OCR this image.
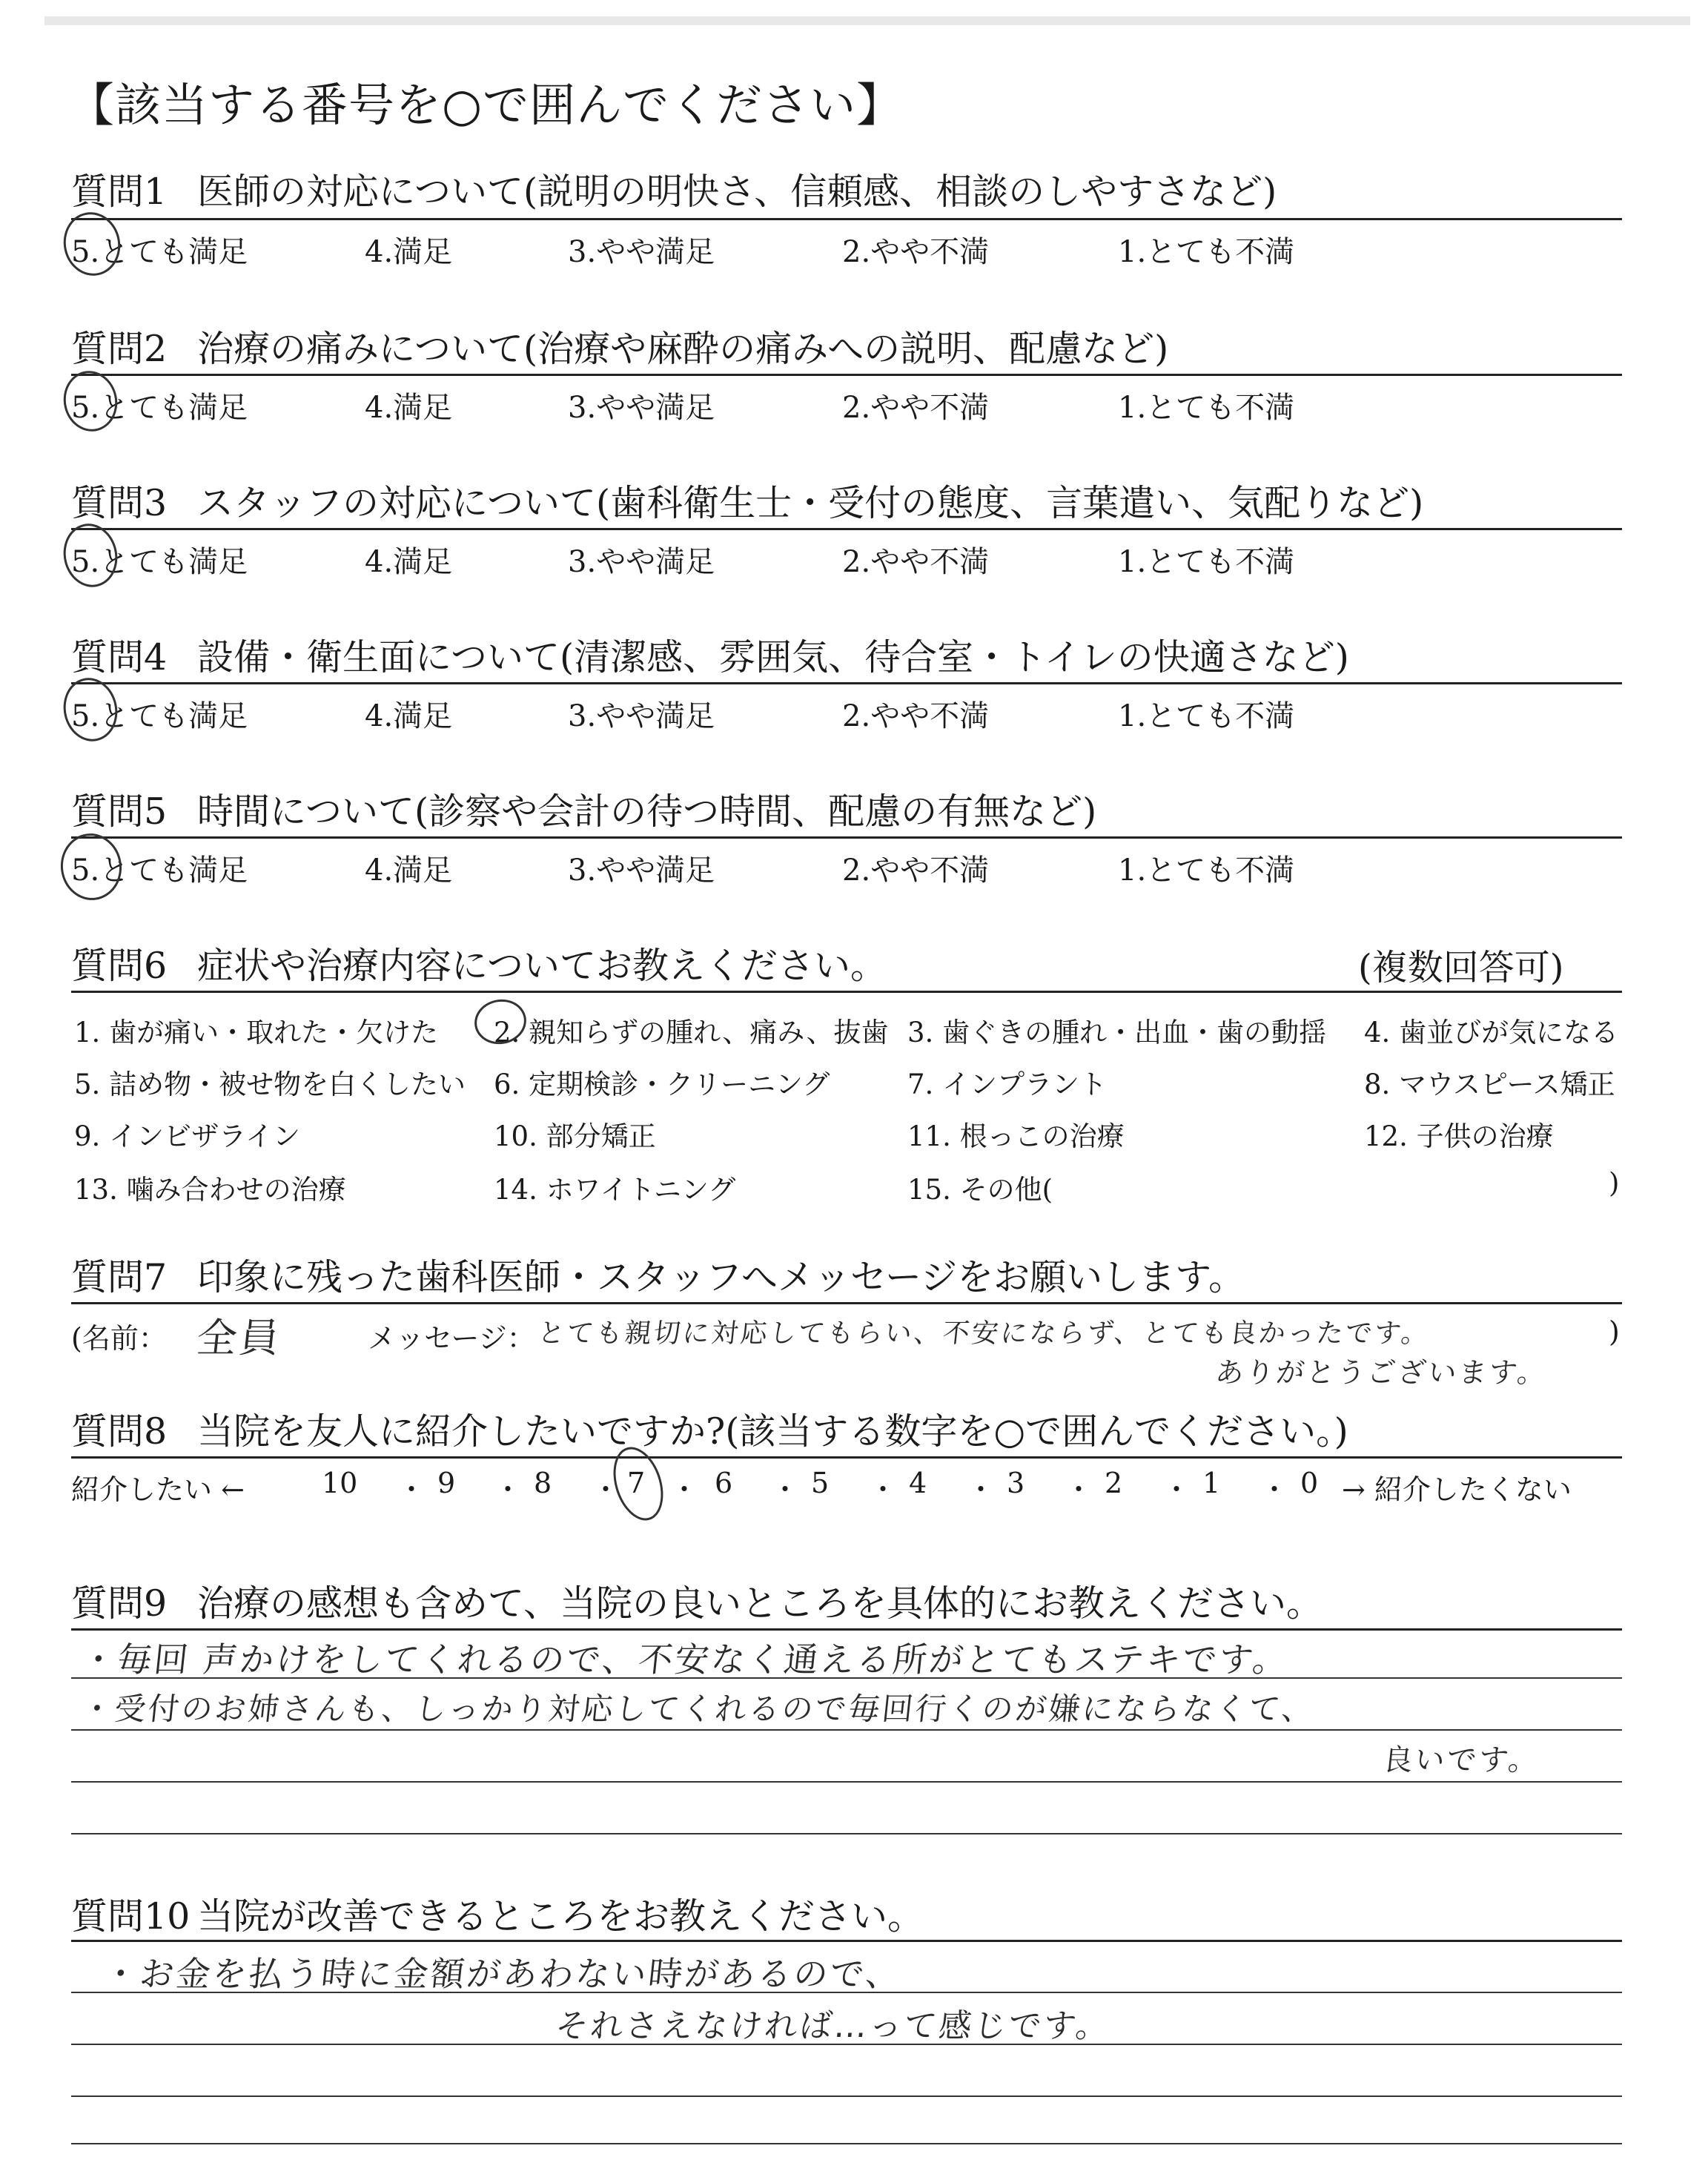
【該当する番号を○で囲んでください】
質問1 医師の対応について(説明の明快さ、信頼感、相談のしやすさなど)
5.とても満足	4.満足	3.やや満足	2.やや不満	1.とても不満
質問2 治療の痛みについて(治療や麻酔の痛みへの説明、配慮など)
5.とても満足	4.満足	3.やや満足	2.やや不満	1.とても不満
質問3 スタッフの対応について(歯科衛生士・受付の態度、言葉遣い、気配りなど)
5.とても満足	4.満足	3.やや満足	2.やや不満	1.とても不満
質問4 設備・衛生面について(清潔感、雰囲気、待合室・トイレの快適さなど)
5.とても満足	4.満足	3.やや満足	2.やや不満	1.とても不満
質問5 時間について(診察や会計の待つ時間、配慮の有無など)
5.とても満足	4.満足	3.やや満足	2.やや不満	1.とても不満
質問6 症状や治療内容についてお教えください。	(複数回答可)
1. 歯が痛い・取れた・欠けた 2. 親知らずの腫れ、痛み、抜歯 3. 歯ぐきの腫れ・出血・歯の動揺 4. 歯並びが気になる
5. 詰め物・被せ物を白くしたい 6. 定期検診・クリーニング	7. インプラント	8. マウスピース矯正
9. インビザライン	10. 部分矯正	11. 根っこの治療	12. 子供の治療
13. 噛み合わせの治療	14. ホワイトニング	15. その他(	)
質問7 印象に残った歯科医師・スタッフへメッセージをお願いします。
(名前： 全員	メッセージ： とても親切に対応してもらい、不安にならず、とても良かったです。	)
ありがとうございます。
質問8 当院を友人に紹介したいですか?(該当する数字を○で囲んでください。)
紹介したい ←	10 ・ 9 ・ 8 ・ 7 ・ 6 ・ 5 ・ 4 ・ 3 ・ 2 ・ 1 ・ 0 → 紹介したくない
質問9 治療の感想も含めて、当院の良いところを具体的にお教えください。
・毎回 声かけをしてくれるので、不安なく通える所がとてもステキです。
・受付のお姉さんも、しっかり対応してくれるので毎回行くのが嫌にならなくて、
良いです。
質問10 当院が改善できるところをお教えください。
・お金を払う時に金額があわない時があるので、
それさえなければ…って感じです。
